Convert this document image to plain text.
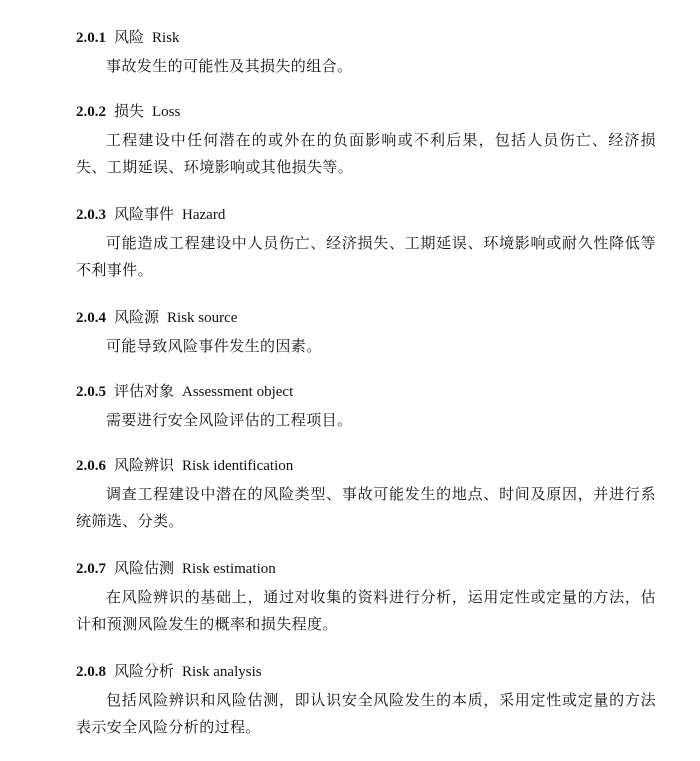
2.0.1 风险 Risk
事故发生的可能性及其损失的组合。
2.0.2 损失 Loss
工程建设中任何潜在的或外在的负面影响或不利后果，包括人员伤亡、经济损失、工期延误、环境影响或其他损失等。
2.0.3 风险事件 Hazard
可能造成工程建设中人员伤亡、经济损失、工期延误、环境影响或耐久性降低等不利事件。
2.0.4 风险源 Risk source
可能导致风险事件发生的因素。
2.0.5 评估对象 Assessment object
需要进行安全风险评估的工程项目。
2.0.6 风险辨识 Risk identification
调查工程建设中潜在的风险类型、事故可能发生的地点、时间及原因，并进行系统筛选、分类。
2.0.7 风险估测 Risk estimation
在风险辨识的基础上，通过对收集的资料进行分析，运用定性或定量的方法，估计和预测风险发生的概率和损失程度。
2.0.8 风险分析 Risk analysis
包括风险辨识和风险估测，即认识安全风险发生的本质，采用定性或定量的方法表示安全风险分析的过程。
